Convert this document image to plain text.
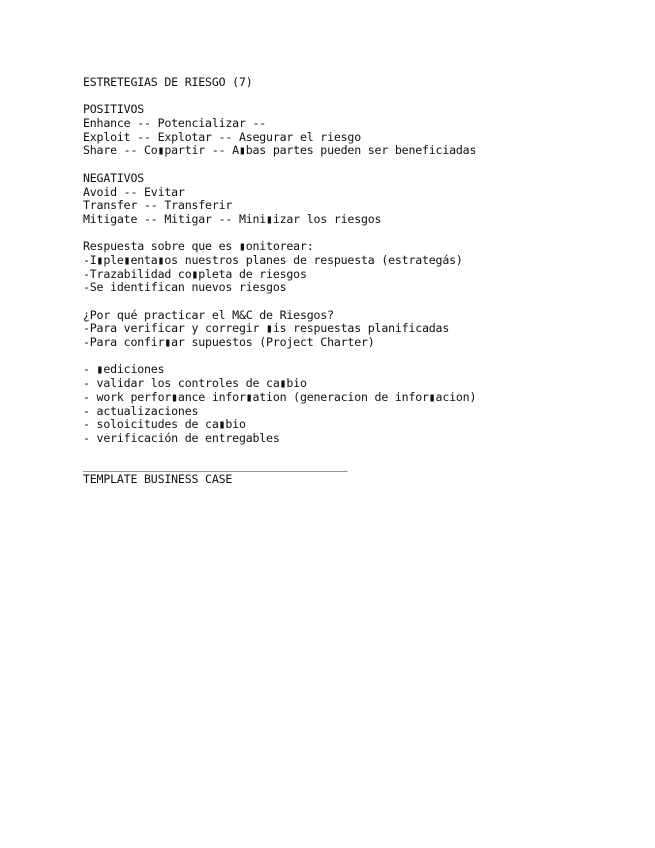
ESTRETEGIAS DE RIESGO (7)
POSITIVOS
Enhance -- Potencializar --
Exploit -- Explotar -- Asegurar el riesgo
Share -- Co▮partir -- A▮bas partes pueden ser beneficiadas
NEGATIVOS
Avoid -- Evitar
Transfer -- Transferir
Mitigate -- Mitigar -- Mini▮izar los riesgos
Respuesta sobre que es ▮onitorear:
-I▮ple▮enta▮os nuestros planes de respuesta (estrategás)
-Trazabilidad co▮pleta de riesgos
-Se identifican nuevos riesgos
¿Por qué practicar el M&C de Riesgos?
-Para verificar y corregir ▮is respuestas planificadas
-Para confir▮ar supuestos (Project Charter)
- ▮ediciones
- validar los controles de ca▮bio
- work perfor▮ance infor▮ation (generacion de infor▮acion)
- actualizaciones
- soloicitudes de ca▮bio
- verificación de entregables
_______________________________________
TEMPLATE BUSINESS CASE
